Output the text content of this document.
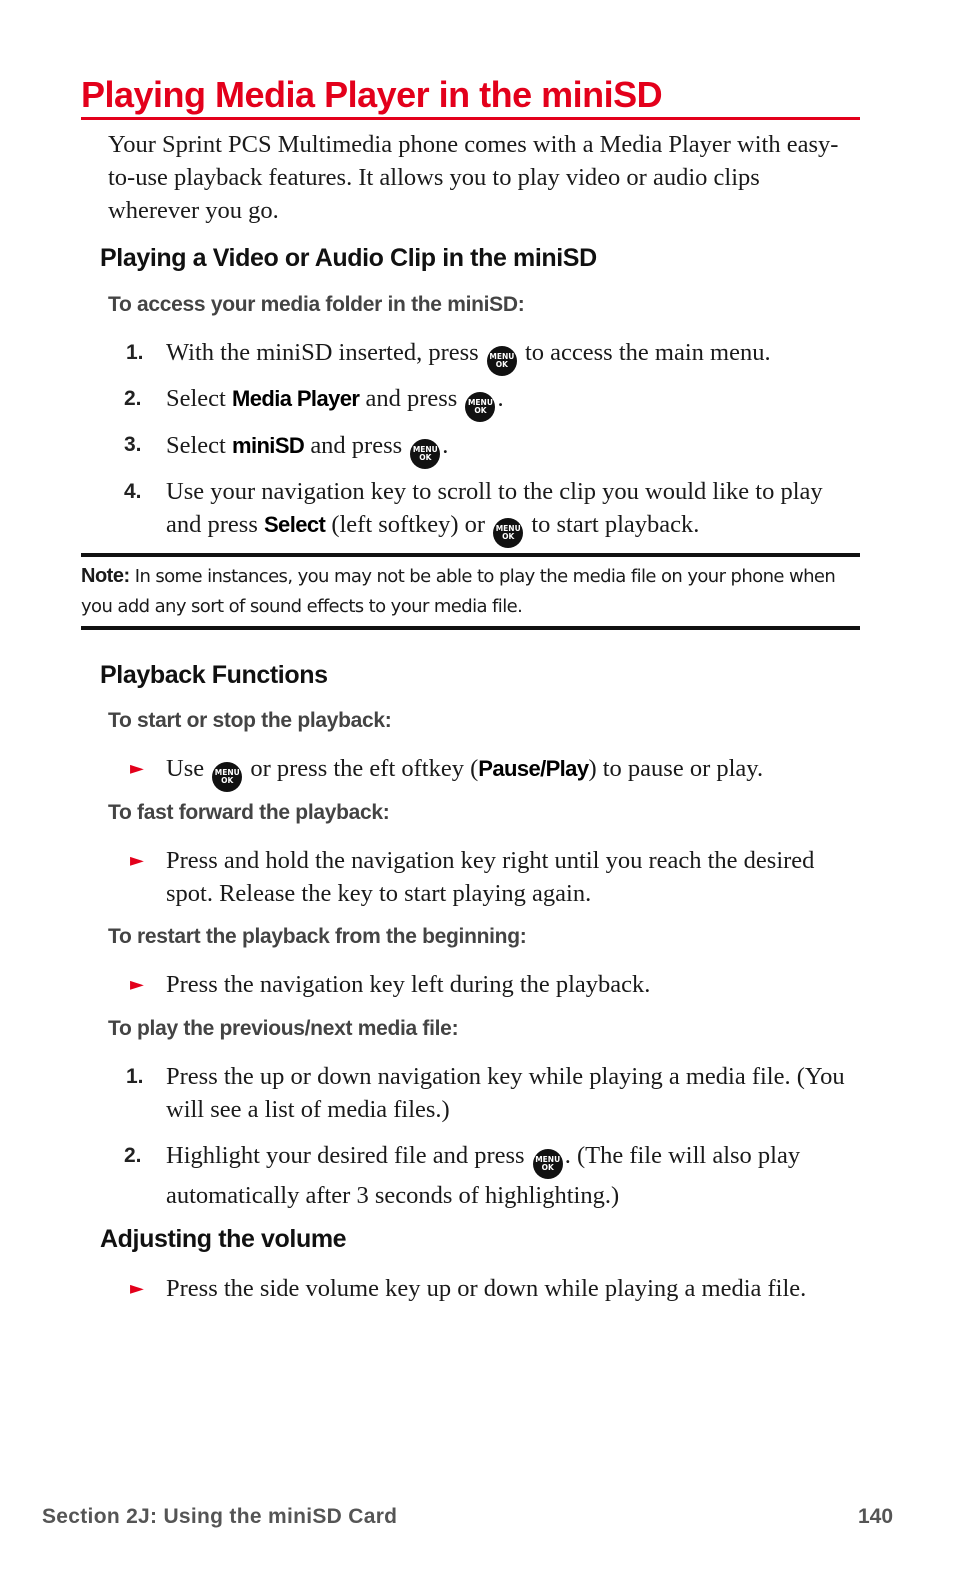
Playing Media Player in the miniSD
Your Sprint PCS Multimedia phone comes with a Media Player with easy-to-use playback features. It allows you to play video or audio clips wherever you go.
Playing a Video or Audio Clip in the miniSD
To access your media folder in the miniSD:
1. With the miniSD inserted, press MENU
OK to access the main menu.
2. Select Media Player and press MENU
OK .
3. Select miniSD and press MENU
OK .
4. Use your navigation key to scroll to the clip you would like to play and press Select (left softkey) or MENU
OK to start playback.
Note: In some instances, you may not be able to play the media file on your phone when you add any sort of sound effects to your media file.
Playback Functions
To start or stop the playback:
► Use MENU
OK or press the eft oftkey (Pause/Play) to pause or play.
To fast forward the playback:
► Press and hold the navigation key right until you reach the desired spot. Release the key to start playing again.
To restart the playback from the beginning:
► Press the navigation key left during the playback.
To play the previous/next media file:
1. Press the up or down navigation key while playing a media file. (You will see a list of media files.)
2. Highlight your desired file and press MENU
OK . (The file will also play automatically after 3 seconds of highlighting.)
Adjusting the volume
► Press the side volume key up or down while playing a media file.
Section 2J: Using the miniSD Card	140
